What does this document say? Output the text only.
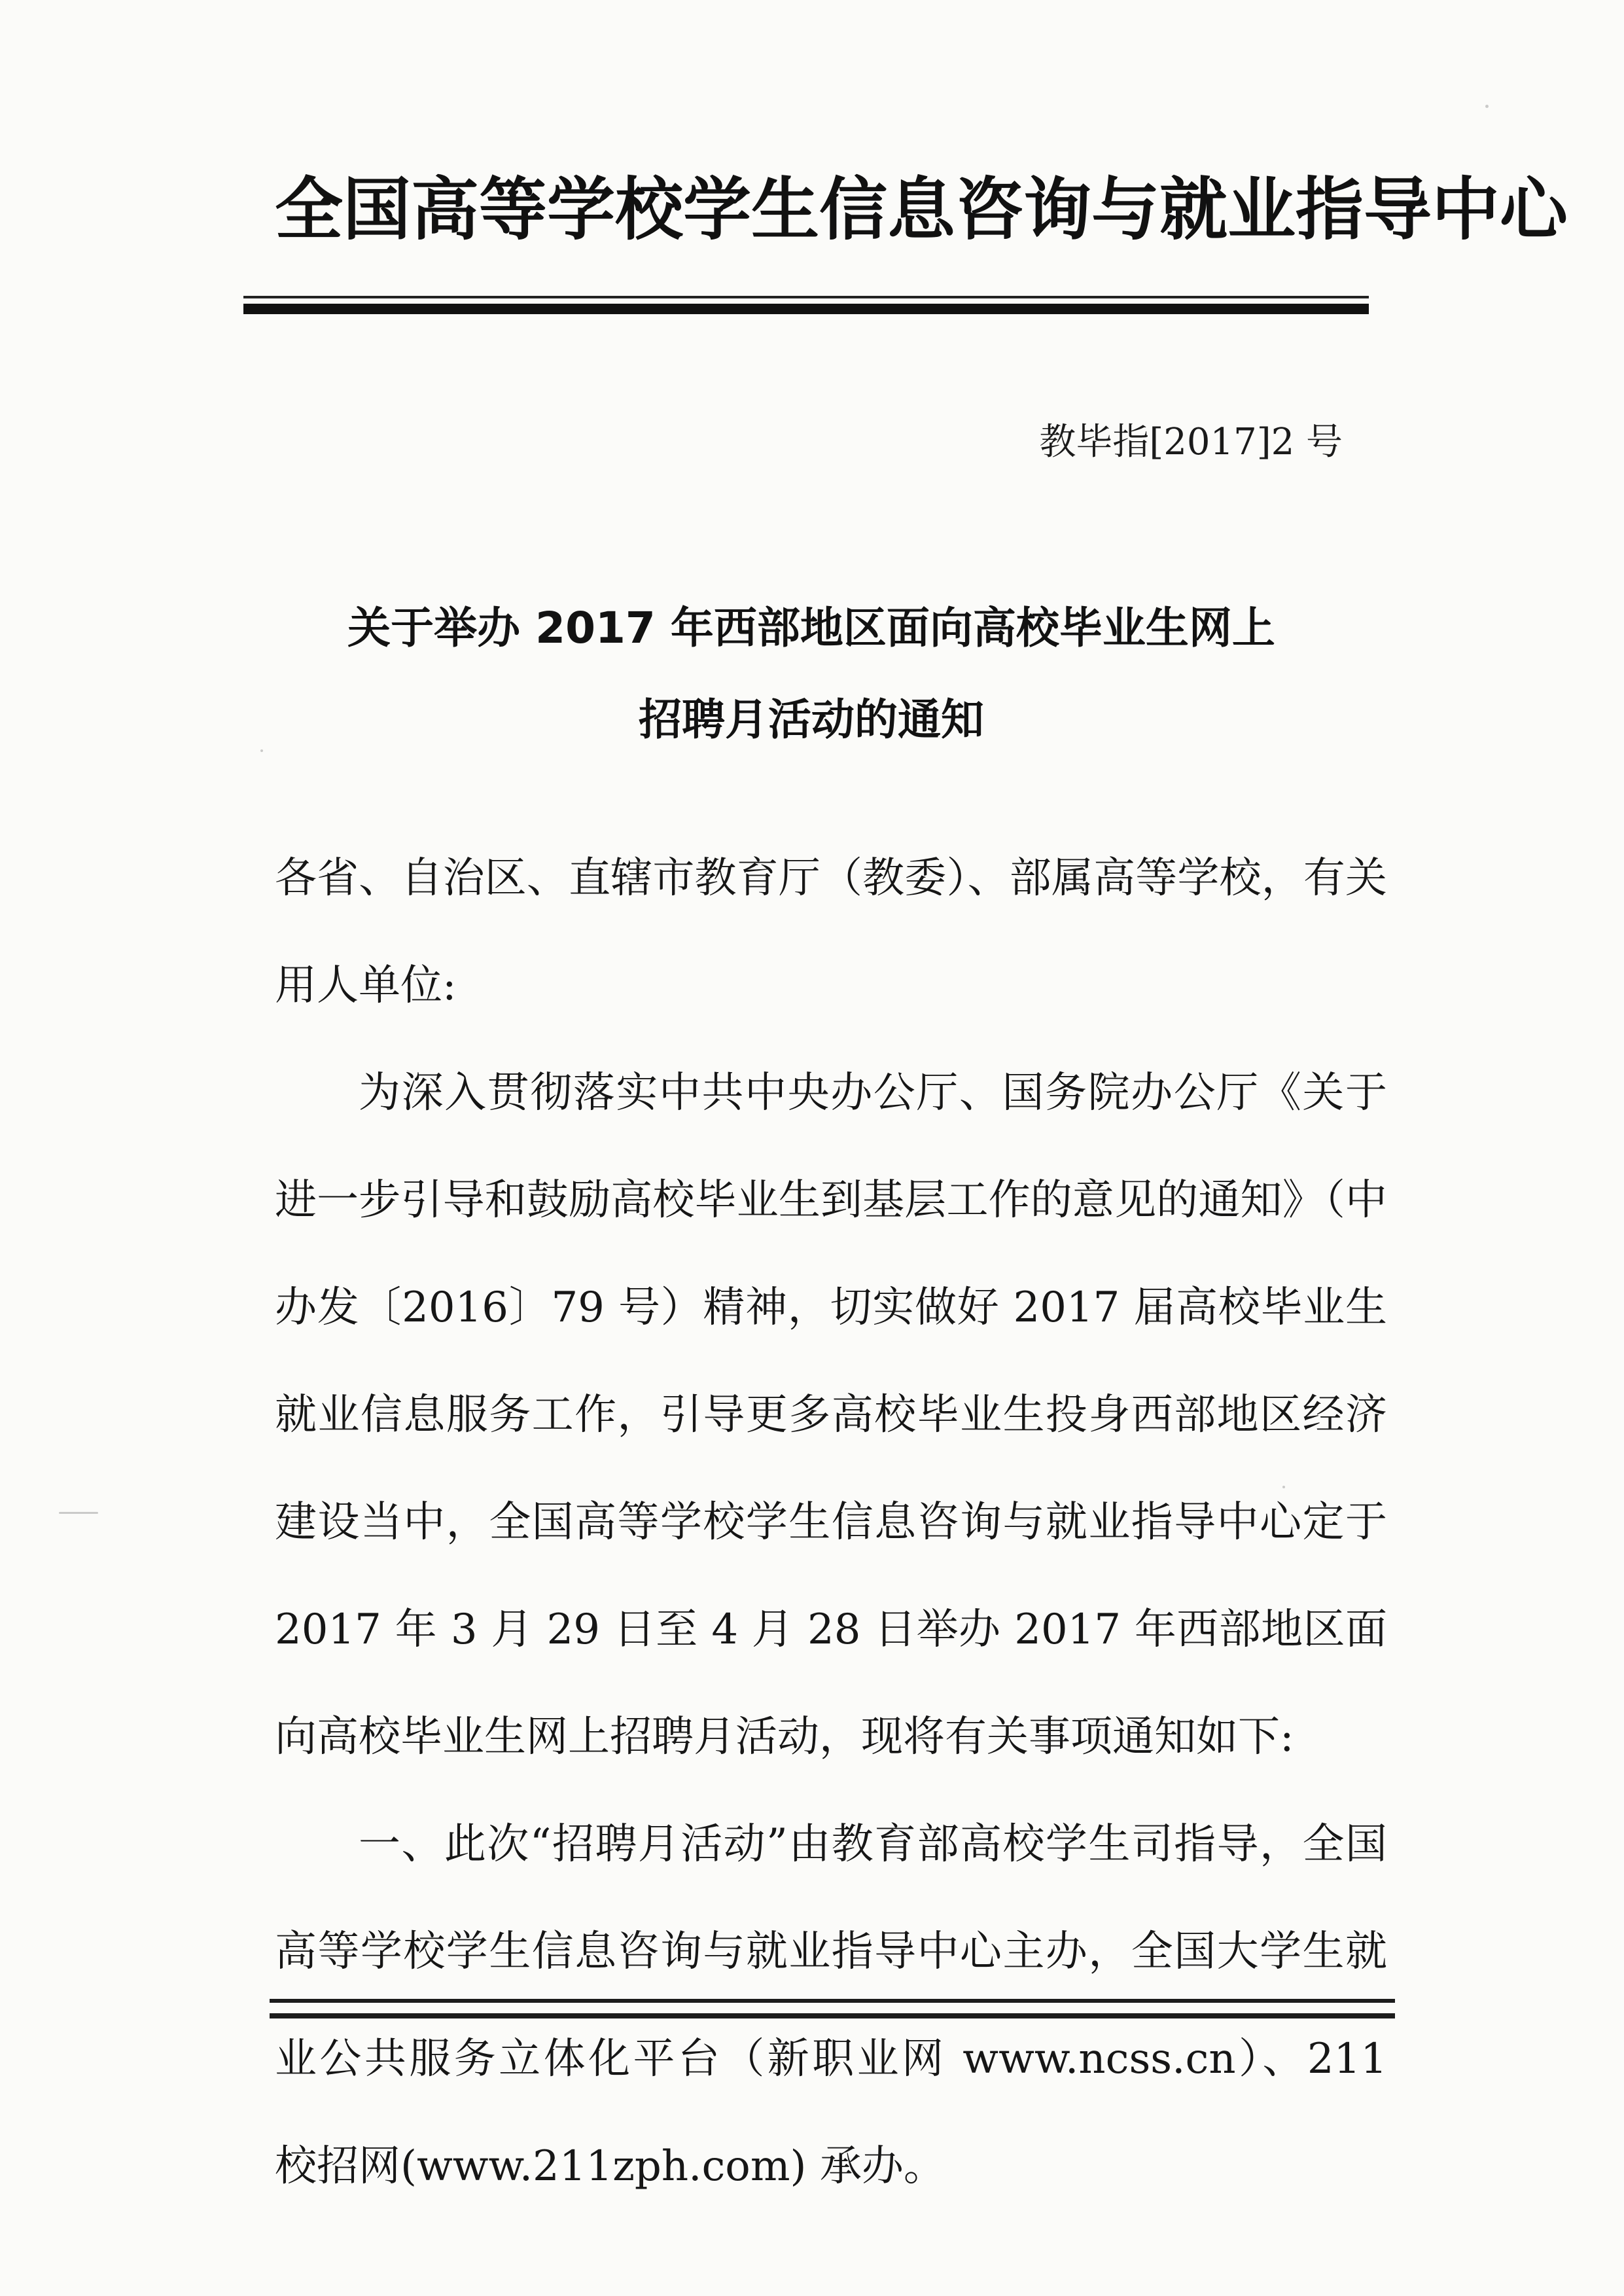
全国高等学校学生信息咨询与就业指导中心
教毕指[2017]2 号
关于举办 2017 年西部地区面向高校毕业生网上
招聘月活动的通知

各省、自治区、直辖市教育厅（教委）、部属高等学校，有关用人单位:

为深入贯彻落实中共中央办公厅、国务院办公厅《关于进一步引导和鼓励高校毕业生到基层工作的意见的通知》（中办发〔2016〕79 号）精神，切实做好 2017 届高校毕业生就业信息服务工作，引导更多高校毕业生投身西部地区经济建设当中，全国高等学校学生信息咨询与就业指导中心定于 2017 年 3 月 29 日至 4 月 28 日举办 2017 年西部地区面向高校毕业生网上招聘月活动，现将有关事项通知如下:

一、此次“招聘月活动”由教育部高校学生司指导，全国高等学校学生信息咨询与就业指导中心主办，全国大学生就业公共服务立体化平台（新职业网 www.ncss.cn）、211 校招网(www.211zph.com) 承办。
